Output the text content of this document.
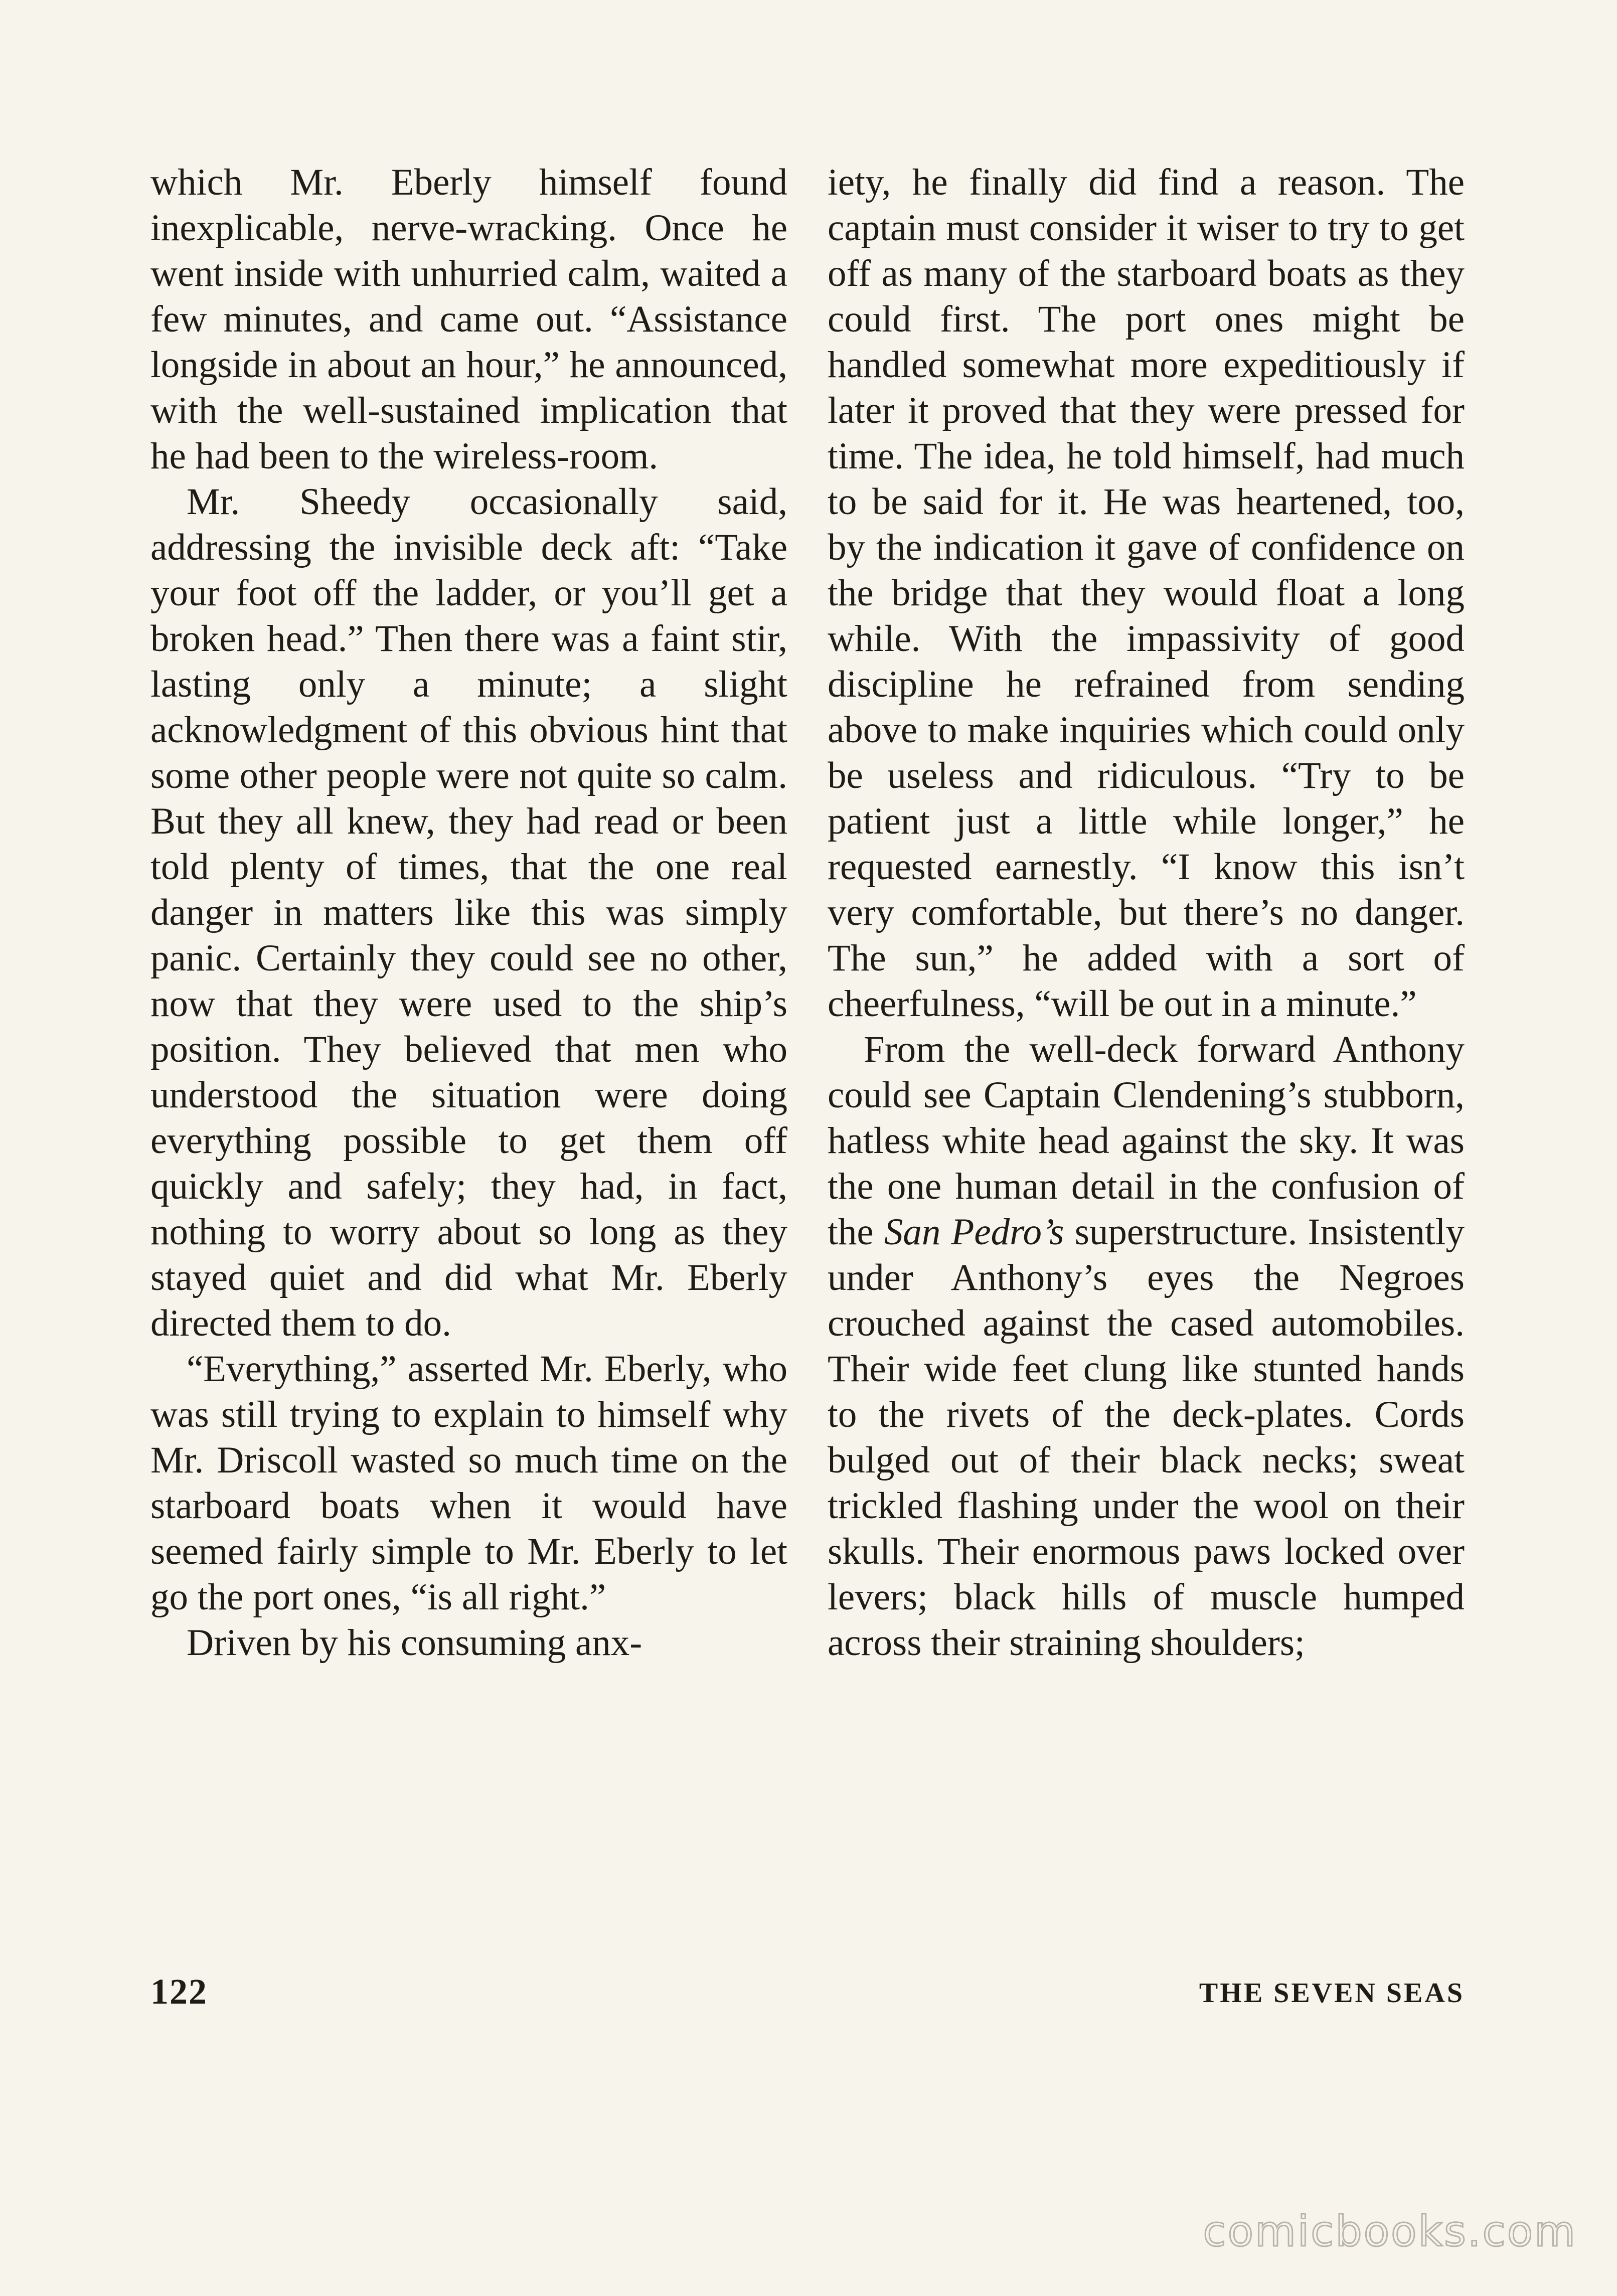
which Mr. Eberly himself found inexplicable, nerve-wracking. Once he went inside with unhurried calm, waited a few minutes, and came out. “Assistance longside in about an hour,” he announced, with the well-sustained implication that he had been to the wireless-room.

Mr. Sheedy occasionally said, addressing the invisible deck aft: “Take your foot off the ladder, or you’ll get a broken head.” Then there was a faint stir, lasting only a minute; a slight acknowledgment of this obvious hint that some other people were not quite so calm. But they all knew, they had read or been told plenty of times, that the one real danger in matters like this was simply panic. Certainly they could see no other, now that they were used to the ship’s position. They believed that men who understood the situation were doing everything possible to get them off quickly and safely; they had, in fact, nothing to worry about so long as they stayed quiet and did what Mr. Eberly directed them to do.

“Everything,” asserted Mr. Eberly, who was still trying to explain to himself why Mr. Driscoll wasted so much time on the starboard boats when it would have seemed fairly simple to Mr. Eberly to let go the port ones, “is all right.”

Driven by his consuming anx-

iety, he finally did find a reason. The captain must consider it wiser to try to get off as many of the starboard boats as they could first. The port ones might be handled somewhat more expeditiously if later it proved that they were pressed for time. The idea, he told himself, had much to be said for it. He was heartened, too, by the indication it gave of confidence on the bridge that they would float a long while. With the impassivity of good discipline he refrained from sending above to make inquiries which could only be useless and ridiculous. “Try to be patient just a little while longer,” he requested earnestly. “I know this isn’t very comfortable, but there’s no danger. The sun,” he added with a sort of cheerfulness, “will be out in a minute.”

From the well-deck forward Anthony could see Captain Clendening’s stubborn, hatless white head against the sky. It was the one human detail in the confusion of the San Pedro’s superstructure. Insistently under Anthony’s eyes the Negroes crouched against the cased automobiles. Their wide feet clung like stunted hands to the rivets of the deck-plates. Cords bulged out of their black necks; sweat trickled flashing under the wool on their skulls. Their enormous paws locked over levers; black hills of muscle humped across their straining shoulders;

122	THE SEVEN SEAS
comicbooks.com
